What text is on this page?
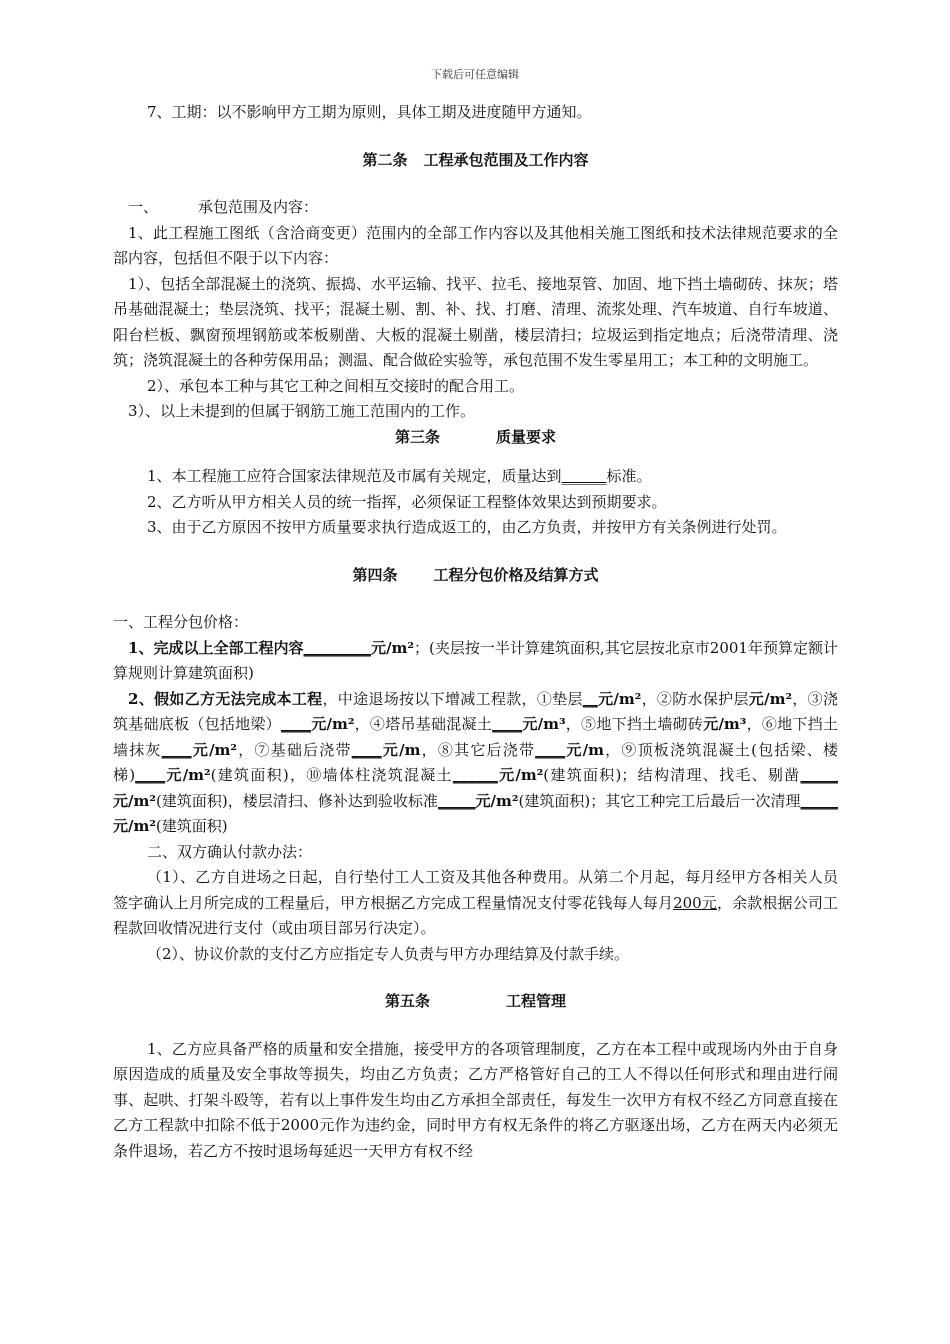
下载后可任意编辑

7、工期：以不影响甲方工期为原则，具体工期及进度随甲方通知。

第二条 工程承包范围及工作内容

一、	承包范围及内容：

1、此工程施工图纸（含洽商变更）范围内的全部工作内容以及其他相关施工图纸和技术法律规范要求的全部内容，包括但不限于以下内容：

1）、包括全部混凝土的浇筑、振捣、水平运输、找平、拉毛、接地泵管、加固、地下挡土墙砌砖、抹灰；塔吊基础混凝土；垫层浇筑、找平；混凝土剔、割、补、找、打磨、清理、流浆处理、汽车坡道、自行车坡道、阳台栏板、飘窗预埋钢筋或苯板剔凿、大板的混凝土剔凿，楼层清扫；垃圾运到指定地点；后浇带清理、浇筑；浇筑混凝土的各种劳保用品；测温、配合做砼实验等，承包范围不发生零星用工；本工种的文明施工。

2）、承包本工种与其它工种之间相互交接时的配合用工。

3）、以上未提到的但属于钢筋工施工范围内的工作。

第三条	质量要求

1、本工程施工应符合国家法律规范及市属有关规定，质量达到______标准。

2、乙方听从甲方相关人员的统一指挥，必须保证工程整体效果达到预期要求。

3、由于乙方原因不按甲方质量要求执行造成返工的，由乙方负责，并按甲方有关条例进行处罚。

第四条 工程分包价格及结算方式

一、工程分包价格：

1、完成以上全部工程内容_________元/m²；(夹层按一半计算建筑面积,其它层按北京市2001年预算定额计算规则计算建筑面积)

2、假如乙方无法完成本工程，中途退场按以下增减工程款，①垫层__元/m²，②防水保护层元/m²，③浇筑基础底板（包括地梁）____元/m²，④塔吊基础混凝土____元/m³，⑤地下挡土墙砌砖元/m³，⑥地下挡土墙抹灰____元/m²，⑦基础后浇带____元/m，⑧其它后浇带____元/m，⑨顶板浇筑混凝土(包括梁、楼梯)____元/m²(建筑面积)，⑩墙体柱浇筑混凝土______元/m²(建筑面积)；结构清理、找毛、剔凿_____元/m²(建筑面积)，楼层清扫、修补达到验收标准_____元/m²(建筑面积)；其它工种完工后最后一次清理_____元/m²(建筑面积)

二、双方确认付款办法：

（1）、乙方自进场之日起，自行垫付工人工资及其他各种费用。从第二个月起，每月经甲方各相关人员签字确认上月所完成的工程量后，甲方根据乙方完成工程量情况支付零花钱每人每月200元，余款根据公司工程款回收情况进行支付（或由项目部另行决定）。

（2）、协议价款的支付乙方应指定专人负责与甲方办理结算及付款手续。

第五条	工程管理

1、乙方应具备严格的质量和安全措施，接受甲方的各项管理制度，乙方在本工程中或现场内外由于自身原因造成的质量及安全事故等损失，均由乙方负责；乙方严格管好自己的工人不得以任何形式和理由进行闹事、起哄、打架斗殴等，若有以上事件发生均由乙方承担全部责任，每发生一次甲方有权不经乙方同意直接在乙方工程款中扣除不低于2000元作为违约金，同时甲方有权无条件的将乙方驱逐出场，乙方在两天内必须无条件退场，若乙方不按时退场每延迟一天甲方有权不经
